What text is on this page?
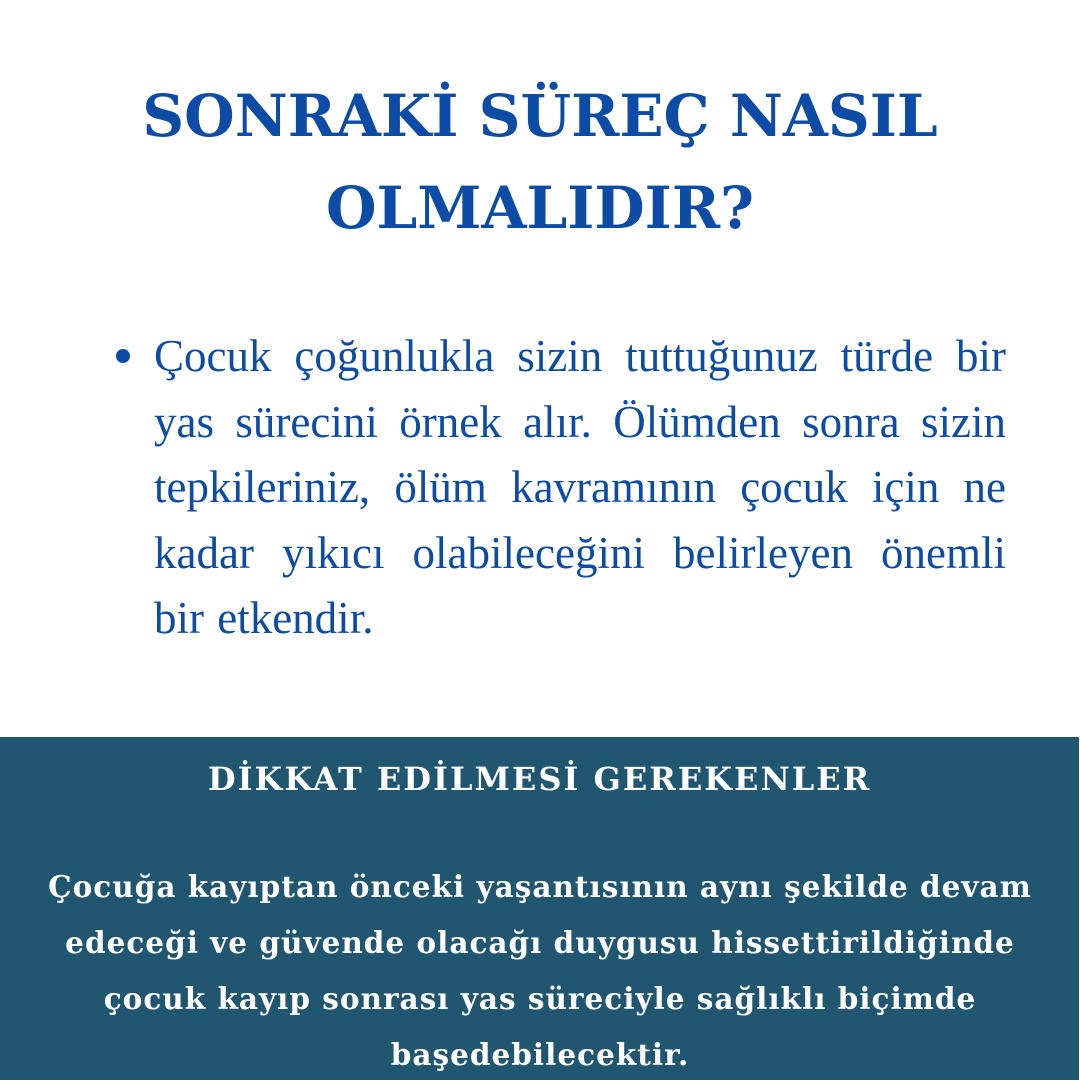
SONRAKİ SÜREÇ NASIL OLMALIDIR?
Çocuk çoğunlukla sizin tuttuğunuz türde bir yas sürecini örnek alır. Ölümden sonra sizin tepkileriniz, ölüm kavramının çocuk için ne kadar yıkıcı olabileceğini belirleyen önemli bir etkendir.
DİKKAT EDİLMESİ GEREKENLER

Çocuğa kayıptan önceki yaşantısının aynı şekilde devam edeceği ve güvende olacağı duygusu hissettirildiğinde çocuk kayıp sonrası yas süreciyle sağlıklı biçimde başedebilecektir.
